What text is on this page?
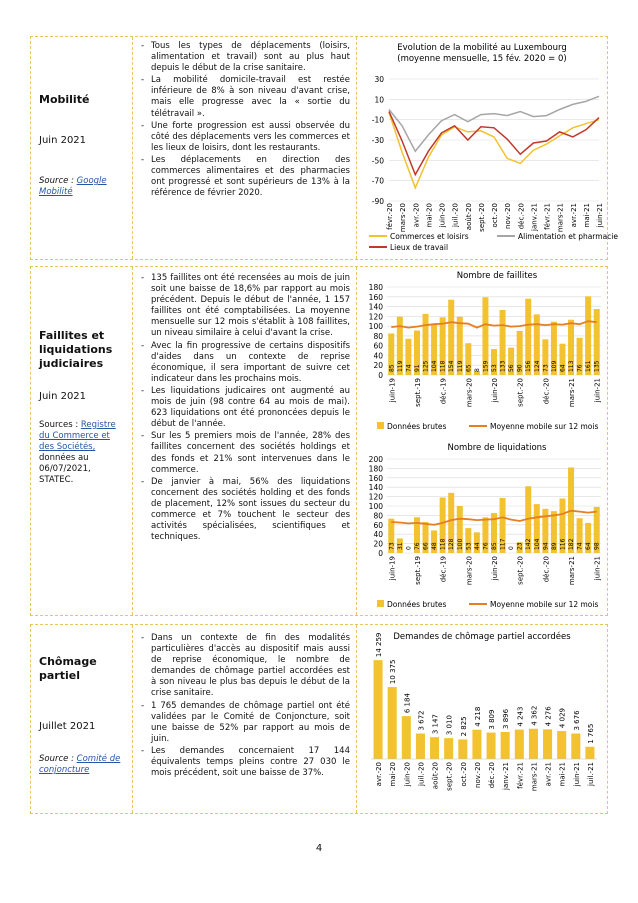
Mobilité

Juin 2021

Source : Google Mobilité

- Tous les types de déplacements (loisirs, alimentation et travail) sont au plus haut depuis le début de la crise sanitaire.
- La mobilité domicile-travail est restée inférieure de 8% à son niveau d'avant crise, mais elle progresse avec la « sortie du télétravail ».
- Une forte progression est aussi observée du côté des déplacements vers les commerces et les lieux de loisirs, dont les restaurants.
- Les déplacements en direction des commerces alimentaires et des pharmacies ont progressé et sont supérieurs de 13% à la référence de février 2020.
Evolution de la mobilité au Luxembourg
(moyenne mensuelle, 15 fév. 2020 = 0)
30
10
-10
-30
-50
-70
-90
févr.-20 mars-20 avr.-20 mai-20 juin-20 juil.-20 août-20 sept.-20 oct.-20 nov.-20 déc.-20 janv.-21 févr.-21 mars-21 avr.-21 mai-21 juin-21
Commerces et loisirs	Alimentation et pharmacie
Lieux de travail

Faillites et liquidations judiciaires

Juin 2021

Sources : Registre du Commerce et des Sociétés, données au 06/07/2021, STATEC.

- 135 faillites ont été recensées au mois de juin soit une baisse de 18,6% par rapport au mois précédent. Depuis le début de l'année, 1 157 faillites ont été comptabilisées. La moyenne mensuelle sur 12 mois s'établit à 108 faillites, un niveau similaire à celui d'avant la crise.
- Avec la fin progressive de certains dispositifs d'aides dans un contexte de reprise économique, il sera important de suivre cet indicateur dans les prochains mois.
- Les liquidations judicaires ont augmenté au mois de juin (98 contre 64 au mois de mai). 623 liquidations ont été prononcées depuis le début de l'année.
- Sur les 5 premiers mois de l'année, 28% des faillites concernent des sociétés holdings et des fonds et 21% sont intervenues dans le commerce.
- De janvier à mai, 56% des liquidations concernent des sociétés holding et des fonds de placement, 12% sont issues du secteur du commerce et 7% touchent le secteur des activités spécialisées, scientifiques et techniques.
Nombre de faillites
0
20
40
60
80
100
120
140
160
180
85 119 74 91 125 104 118 154 119 65 8 159 53 133 56 90 156 124 73 109 64 113 76 161 135
juin-19	sept.-19	déc.-19	mars-20	juin-20	sept.-20	déc.-20	mars-21	juin-21
Données brutes	Moyenne mobile sur 12 mois
Nombre de liquidations
0
20
40
60
80
100
120
140
160
180
200
73 31 0 76 66 48 118 128 100 53 44 76 85 117 0 23 142 104 94 89 116 182 74 64 98
juin-19	sept.-19	déc.-19	mars-20	juin-20	sept.-20	déc.-20	mars-21	juin-21
Données brutes	Moyenne mobile sur 12 mois

Chômage partiel

Juillet 2021

Source : Comité de conjoncture

- Dans un contexte de fin des modalités particulières d'accès au dispositif mais aussi de reprise économique, le nombre de demandes de chômage partiel accordées est à son niveau le plus bas depuis le début de la crise sanitaire.
- 1 765 demandes de chômage partiel ont été validées par le Comité de Conjoncture, soit une baisse de 52% par rapport au mois de juin.
- Les demandes concernaient 17 144 équivalents temps pleins contre 27 030 le mois précédent, soit une baisse de 37%.
Demandes de chômage partiel accordées
14 259
avr.-20
10 375
mai-20
6 184
juin-20
3 672
juil.-20
3 147
août-20
3 010
sept.-20
2 825
oct.-20
4 218
nov.-20
3 809
déc.-20
3 896
janv.-21
4 243
févr.-21
4 362
mars-21
4 276
avr.-21
4 029
mai-21
3 676
juin-21
1 765
juil.-21
4
